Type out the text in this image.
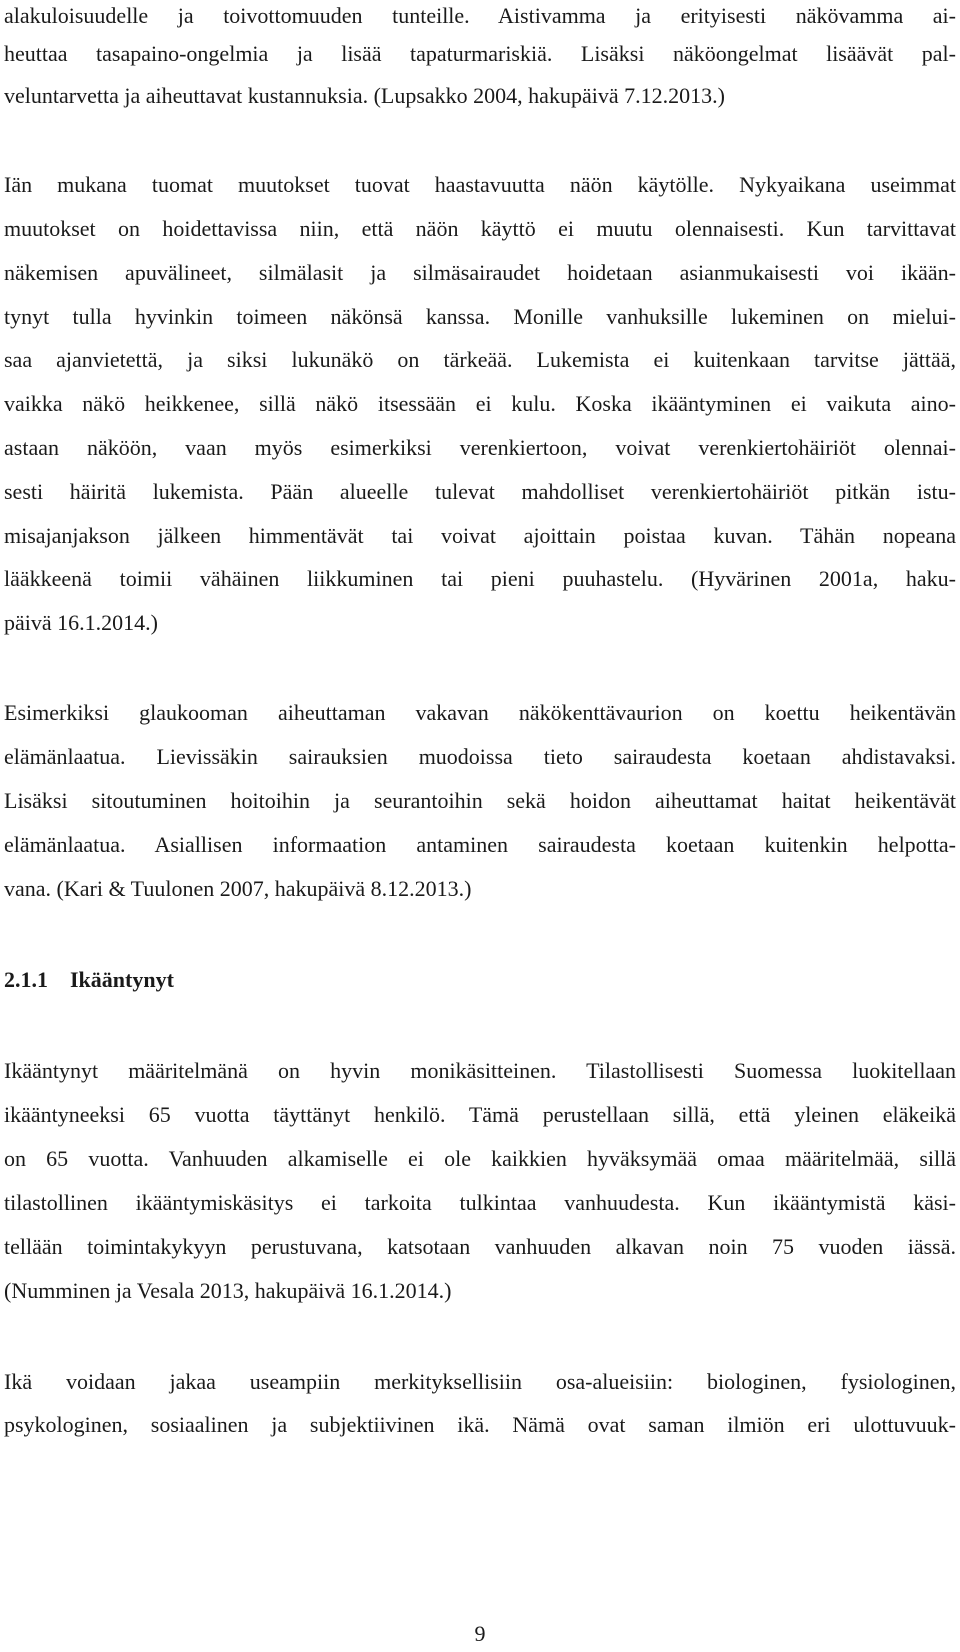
alakuloisuudelle ja toivottomuuden tunteille. Aistivamma ja erityisesti näkövamma ai-

heuttaa tasapaino-ongelmia ja lisää tapaturmariskiä. Lisäksi näköongelmat lisäävät pal-

veluntarvetta ja aiheuttavat kustannuksia. (Lupsakko 2004, hakupäivä 7.12.2013.)

Iän mukana tuomat muutokset tuovat haastavuutta näön käytölle. Nykyaikana useimmat

muutokset on hoidettavissa niin, että näön käyttö ei muutu olennaisesti. Kun tarvittavat

näkemisen apuvälineet, silmälasit ja silmäsairaudet hoidetaan asianmukaisesti voi ikään-

tynyt tulla hyvinkin toimeen näkönsä kanssa. Monille vanhuksille lukeminen on mielui-

saa ajanvietettä, ja siksi lukunäkö on tärkeää. Lukemista ei kuitenkaan tarvitse jättää,

vaikka näkö heikkenee, sillä näkö itsessään ei kulu. Koska ikääntyminen ei vaikuta aino-

astaan näköön, vaan myös esimerkiksi verenkiertoon, voivat verenkiertohäiriöt olennai-

sesti häiritä lukemista. Pään alueelle tulevat mahdolliset verenkiertohäiriöt pitkän istu-

misajanjakson jälkeen himmentävät tai voivat ajoittain poistaa kuvan. Tähän nopeana

lääkkeenä toimii vähäinen liikkuminen tai pieni puuhastelu. (Hyvärinen 2001a, haku-

päivä 16.1.2014.)

Esimerkiksi glaukooman aiheuttaman vakavan näkökenttävaurion on koettu heikentävän

elämänlaatua. Lievissäkin sairauksien muodoissa tieto sairaudesta koetaan ahdistavaksi.

Lisäksi sitoutuminen hoitoihin ja seurantoihin sekä hoidon aiheuttamat haitat heikentävät

elämänlaatua. Asiallisen informaation antaminen sairaudesta koetaan kuitenkin helpotta-

vana. (Kari & Tuulonen 2007, hakupäivä 8.12.2013.)

2.1.1 Ikääntynyt

Ikääntynyt määritelmänä on hyvin monikäsitteinen. Tilastollisesti Suomessa luokitellaan

ikääntyneeksi 65 vuotta täyttänyt henkilö. Tämä perustellaan sillä, että yleinen eläkeikä

on 65 vuotta. Vanhuuden alkamiselle ei ole kaikkien hyväksymää omaa määritelmää, sillä

tilastollinen ikääntymiskäsitys ei tarkoita tulkintaa vanhuudesta. Kun ikääntymistä käsi-

tellään toimintakykyyn perustuvana, katsotaan vanhuuden alkavan noin 75 vuoden iässä.

(Numminen ja Vesala 2013, hakupäivä 16.1.2014.)

Ikä voidaan jakaa useampiin merkityksellisiin osa-alueisiin: biologinen, fysiologinen,

psykologinen, sosiaalinen ja subjektiivinen ikä. Nämä ovat saman ilmiön eri ulottuvuuk-

9
